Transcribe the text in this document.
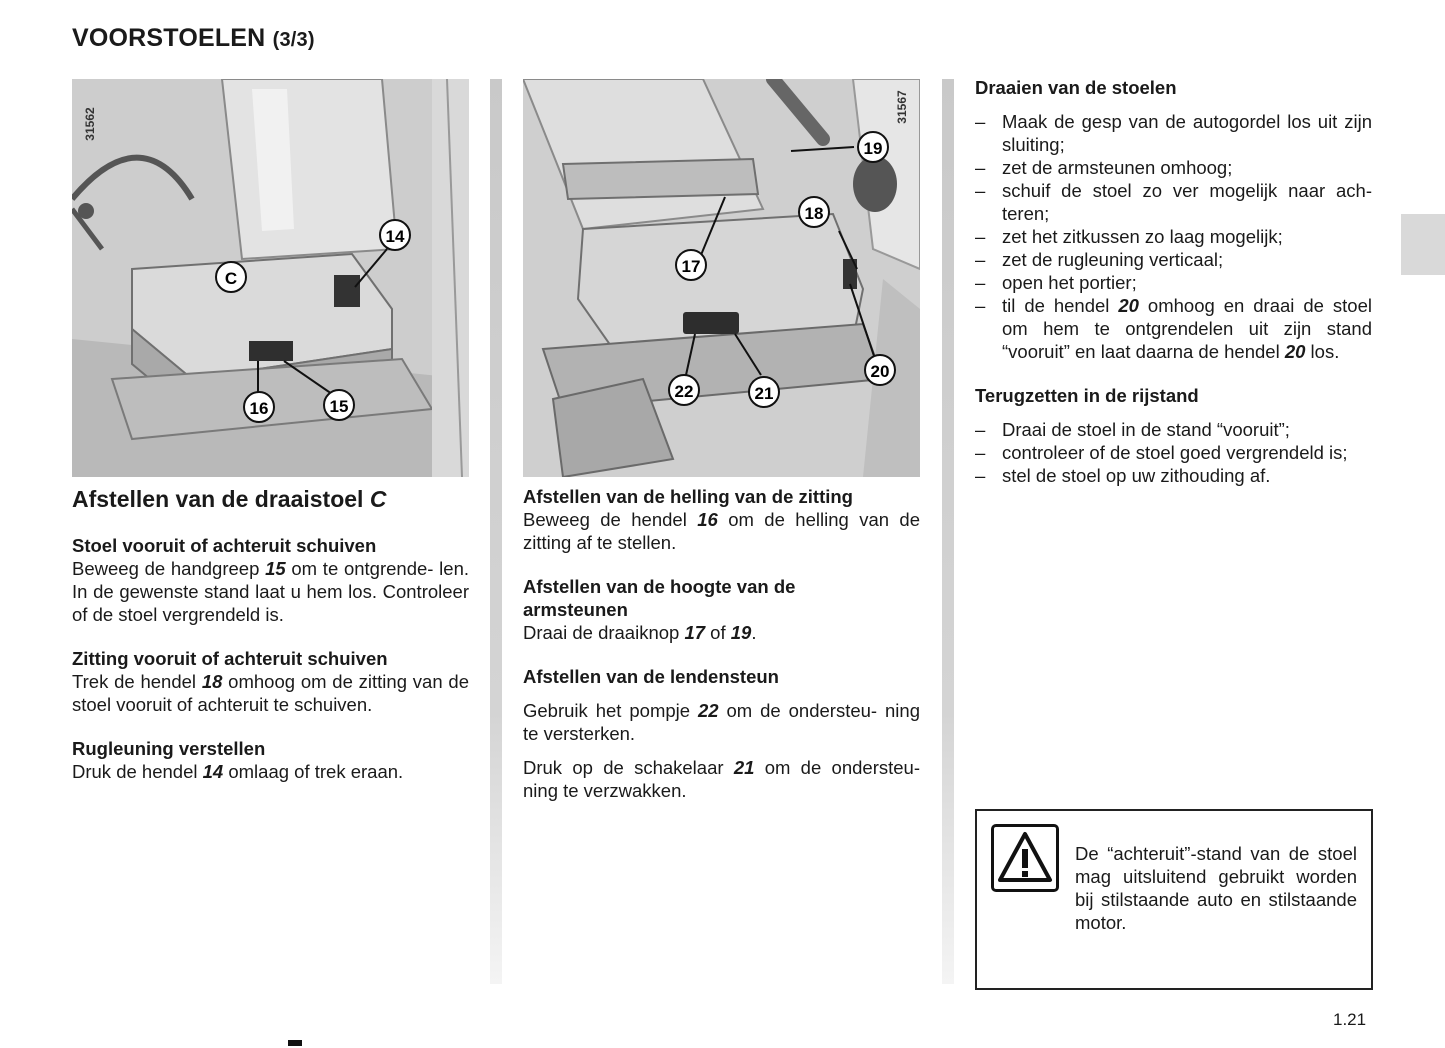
VOORSTOELEN (3/3)
C
14
15
16
31562
17
18
19
20
21
22
31567

Afstellen van de draaistoel C

Stoel vooruit of achteruit schuiven

Beweeg de handgreep 15 om te ontgrende- len. In de gewenste stand laat u hem los. Controleer of de stoel vergrendeld is.

Zitting vooruit of achteruit schuiven

Trek de hendel 18 omhoog om de zitting van de stoel vooruit of achteruit te schuiven.

Rugleuning verstellen

Druk de hendel 14 omlaag of trek eraan.

Afstellen van de helling van de zitting

Beweeg de hendel 16 om de helling van de zitting af te stellen.

Afstellen van de hoogte van de armsteunen

Draai de draaiknop 17 of 19.

Afstellen van de lendensteun

Gebruik het pompje 22 om de ondersteu- ning te versterken.

Druk op de schakelaar 21 om de ondersteu- ning te verzwakken.

Draaien van de stoelen

– Maak de gesp van de autogordel los uit zijn sluiting;
– zet de armsteunen omhoog;
– schuif de stoel zo ver mogelijk naar ach- teren;
– zet het zitkussen zo laag mogelijk;
– zet de rugleuning verticaal;
– open het portier;
– til de hendel 20 omhoog en draai de stoel om hem te ontgrendelen uit zijn stand “vooruit” en laat daarna de hendel 20 los.

Terugzetten in de rijstand

– Draai de stoel in de stand “vooruit”;
– controleer of de stoel goed vergrendeld is;
– stel de stoel op uw zithouding af.

De “achteruit”-stand van de stoel mag uitsluitend gebruikt worden bij stilstaande auto en stilstaande motor.

1.21
